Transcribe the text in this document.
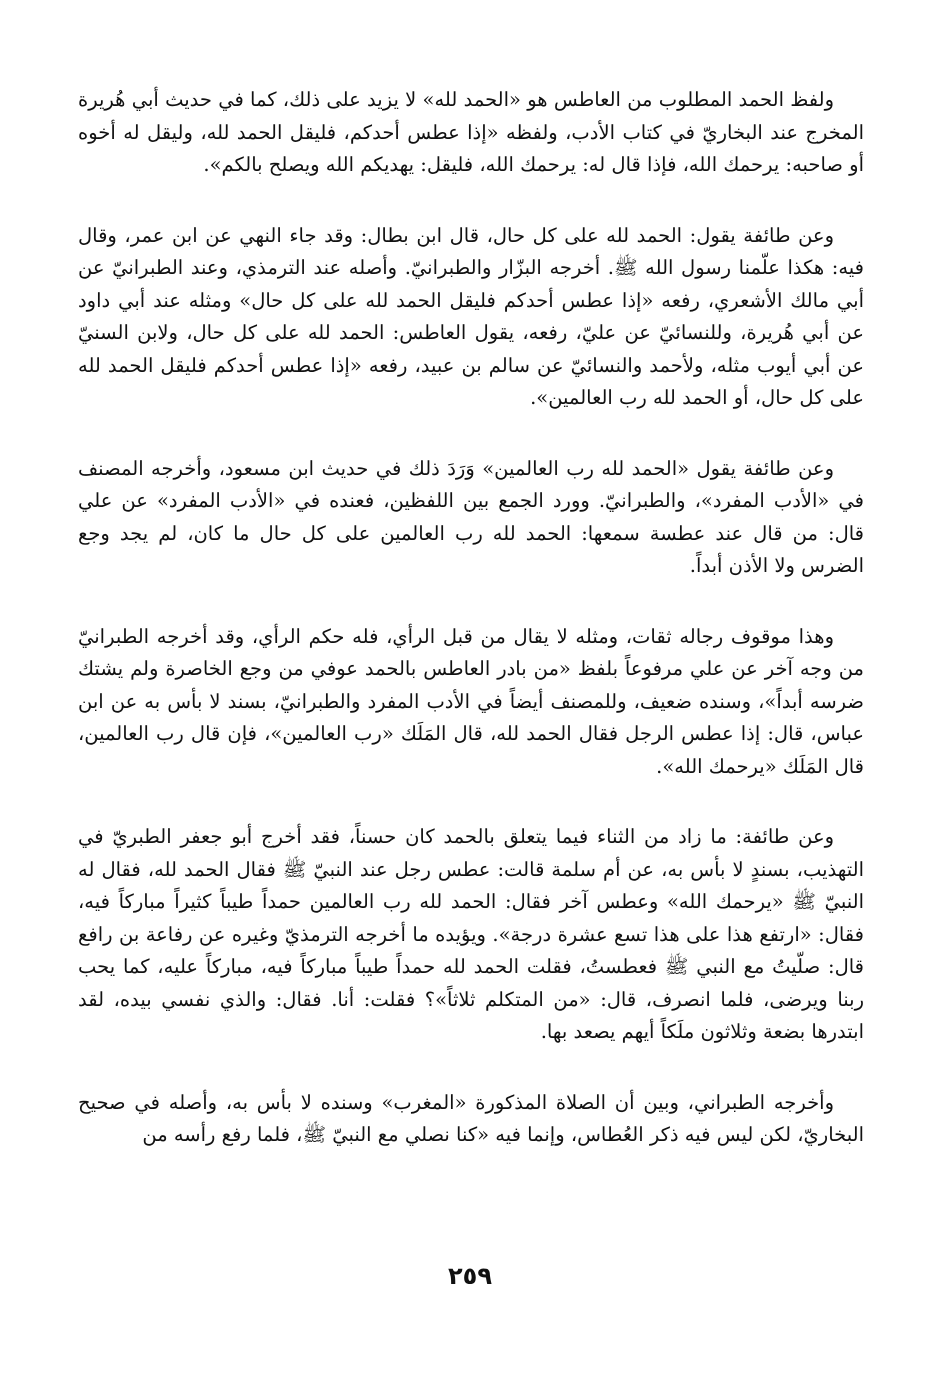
ولفظ الحمد المطلوب من العاطس هو «الحمد لله» لا يزيد على ذلك، كما في حديث أبي هُريرة المخرج عند البخاريّ في كتاب الأدب، ولفظه «إذا عطس أحدكم، فليقل الحمد لله، وليقل له أخوه أو صاحبه: يرحمك الله، فإذا قال له: يرحمك الله، فليقل: يهديكم الله ويصلح بالكم».

وعن طائفة يقول: الحمد لله على كل حال، قال ابن بطال: وقد جاء النهي عن ابن عمر، وقال فيه: هكذا علّمنا رسول الله ﷺ. أخرجه البزّار والطبرانيّ. وأصله عند الترمذي، وعند الطبرانيّ عن أبي مالك الأشعري، رفعه «إذا عطس أحدكم فليقل الحمد لله على كل حال» ومثله عند أبي داود عن أبي هُريرة، وللنسائيّ عن عليّ، رفعه، يقول العاطس: الحمد لله على كل حال، ولابن السنيّ عن أبي أيوب مثله، ولأحمد والنسائيّ عن سالم بن عبيد، رفعه «إذا عطس أحدكم فليقل الحمد لله على كل حال، أو الحمد لله رب العالمين».

وعن طائفة يقول «الحمد لله رب العالمين» وَرَدَ ذلك في حديث ابن مسعود، وأخرجه المصنف في «الأدب المفرد»، والطبرانيّ. وورد الجمع بين اللفظين، فعنده في «الأدب المفرد» عن علي قال: من قال عند عطسة سمعها: الحمد لله رب العالمين على كل حال ما كان، لم يجد وجع الضرس ولا الأذن أبداً.

وهذا موقوف رجاله ثقات، ومثله لا يقال من قبل الرأي، فله حكم الرأي، وقد أخرجه الطبرانيّ من وجه آخر عن علي مرفوعاً بلفظ «من بادر العاطس بالحمد عوفي من وجع الخاصرة ولم يشتك ضرسه أبداً»، وسنده ضعيف، وللمصنف أيضاً في الأدب المفرد والطبرانيّ، بسند لا بأس به عن ابن عباس، قال: إذا عطس الرجل فقال الحمد لله، قال المَلَك «رب العالمين»، فإن قال رب العالمين، قال المَلَك «يرحمك الله».

وعن طائفة: ما زاد من الثناء فيما يتعلق بالحمد كان حسناً، فقد أخرج أبو جعفر الطبريّ في التهذيب، بسندٍ لا بأس به، عن أم سلمة قالت: عطس رجل عند النبيّ ﷺ فقال الحمد لله، فقال له النبيّ ﷺ «يرحمك الله» وعطس آخر فقال: الحمد لله رب العالمين حمداً طيباً كثيراً مباركاً فيه، فقال: «ارتفع هذا على هذا تسع عشرة درجة». ويؤيده ما أخرجه الترمذيّ وغيره عن رفاعة بن رافع قال: صلّيتُ مع النبي ﷺ فعطستُ، فقلت الحمد لله حمداً طيباً مباركاً فيه، مباركاً عليه، كما يحب ربنا ويرضى، فلما انصرف، قال: «من المتكلم ثلاثاً»؟ فقلت: أنا. فقال: والذي نفسي بيده، لقد ابتدرها بضعة وثلاثون ملَكاً أيهم يصعد بها.

وأخرجه الطبراني، وبين أن الصلاة المذكورة «المغرب» وسنده لا بأس به، وأصله في صحيح البخاريّ، لكن ليس فيه ذكر العُطاس، وإنما فيه «كنا نصلي مع النبيّ ﷺ، فلما رفع رأسه من

٢٥٩
